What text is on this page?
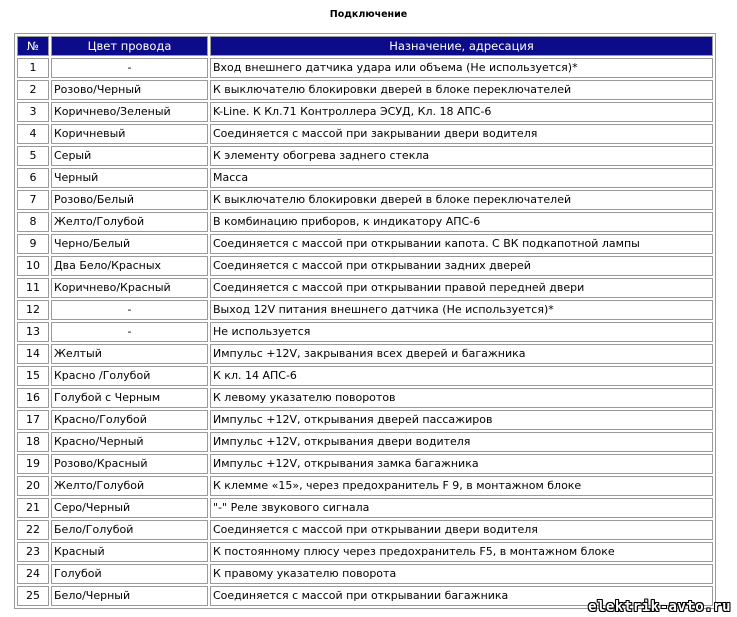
Подключение
№	Цвет провода	Назначение, адресация
1	-	Вход внешнего датчика удара или объема (Не используется)*
2	Розово/Черный	К выключателю блокировки дверей в блоке переключателей
3	Коричнево/Зеленый	K-Line. К Кл.71 Контроллера ЭСУД, Кл. 18 АПС-6
4	Коричневый	Соединяется с массой при закрывании двери водителя
5	Серый	К элементу обогрева заднего стекла
6	Черный	Масса
7	Розово/Белый	К выключателю блокировки дверей в блоке переключателей
8	Желто/Голубой	В комбинацию приборов, к индикатору АПС-6
9	Черно/Белый	Соединяется с массой при открывании капота. С ВК подкапотной лампы
10	Два Бело/Красных	Соединяется с массой при открывании задних дверей
11	Коричнево/Красный	Соединяется с массой при открывании правой передней двери
12	-	Выход 12V питания внешнего датчика (Не используется)*
13	-	Не используется
14	Желтый	Импульс +12V, закрывания всех дверей и багажника
15	Красно /Голубой	К кл. 14 АПС-6
16	Голубой с Черным	К левому указателю поворотов
17	Красно/Голубой	Импульс +12V, открывания дверей пассажиров
18	Красно/Черный	Импульс +12V, открывания двери водителя
19	Розово/Красный	Импульс +12V, открывания замка багажника
20	Желто/Голубой	К клемме «15», через предохранитель F 9, в монтажном блоке
21	Серо/Черный	"-" Реле звукового сигнала
22	Бело/Голубой	Соединяется с массой при открывании двери водителя
23	Красный	К постоянному плюсу через предохранитель F5, в монтажном блоке
24	Голубой	К правому указателю поворота
25	Бело/Черный	Соединяется с массой при открывании багажника
elektrik-avto.ru
